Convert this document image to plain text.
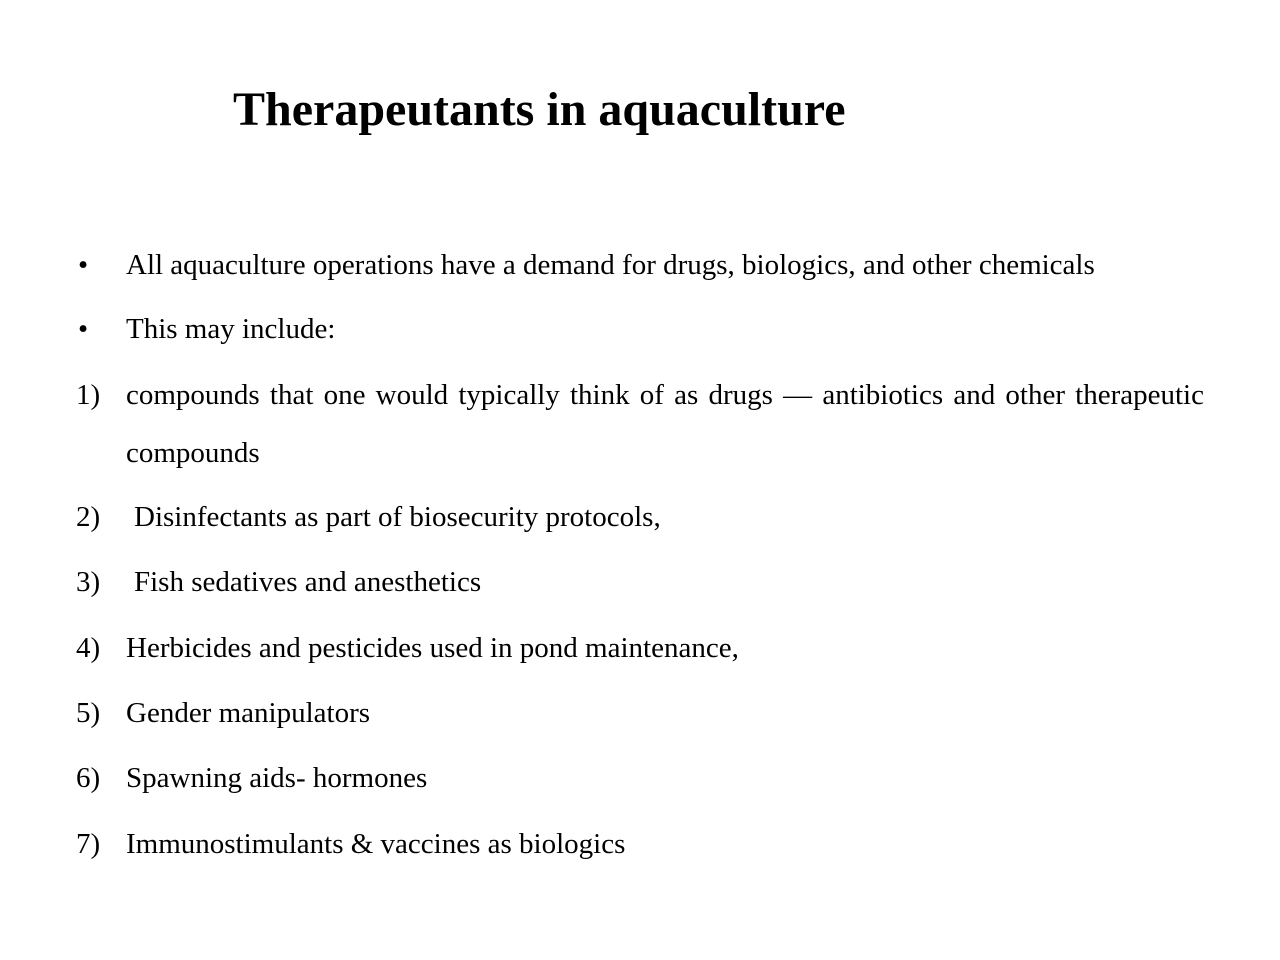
Therapeutants in aquaculture
• All aquaculture operations have a demand for drugs, biologics, and other chemicals
• This may include:
1) compounds that one would typically think of as drugs — antibiotics and other therapeutic compounds
2) Disinfectants as part of biosecurity protocols,
3) Fish sedatives and anesthetics
4) Herbicides and pesticides used in pond maintenance,
5) Gender manipulators
6) Spawning aids- hormones
7) Immunostimulants & vaccines as biologics
